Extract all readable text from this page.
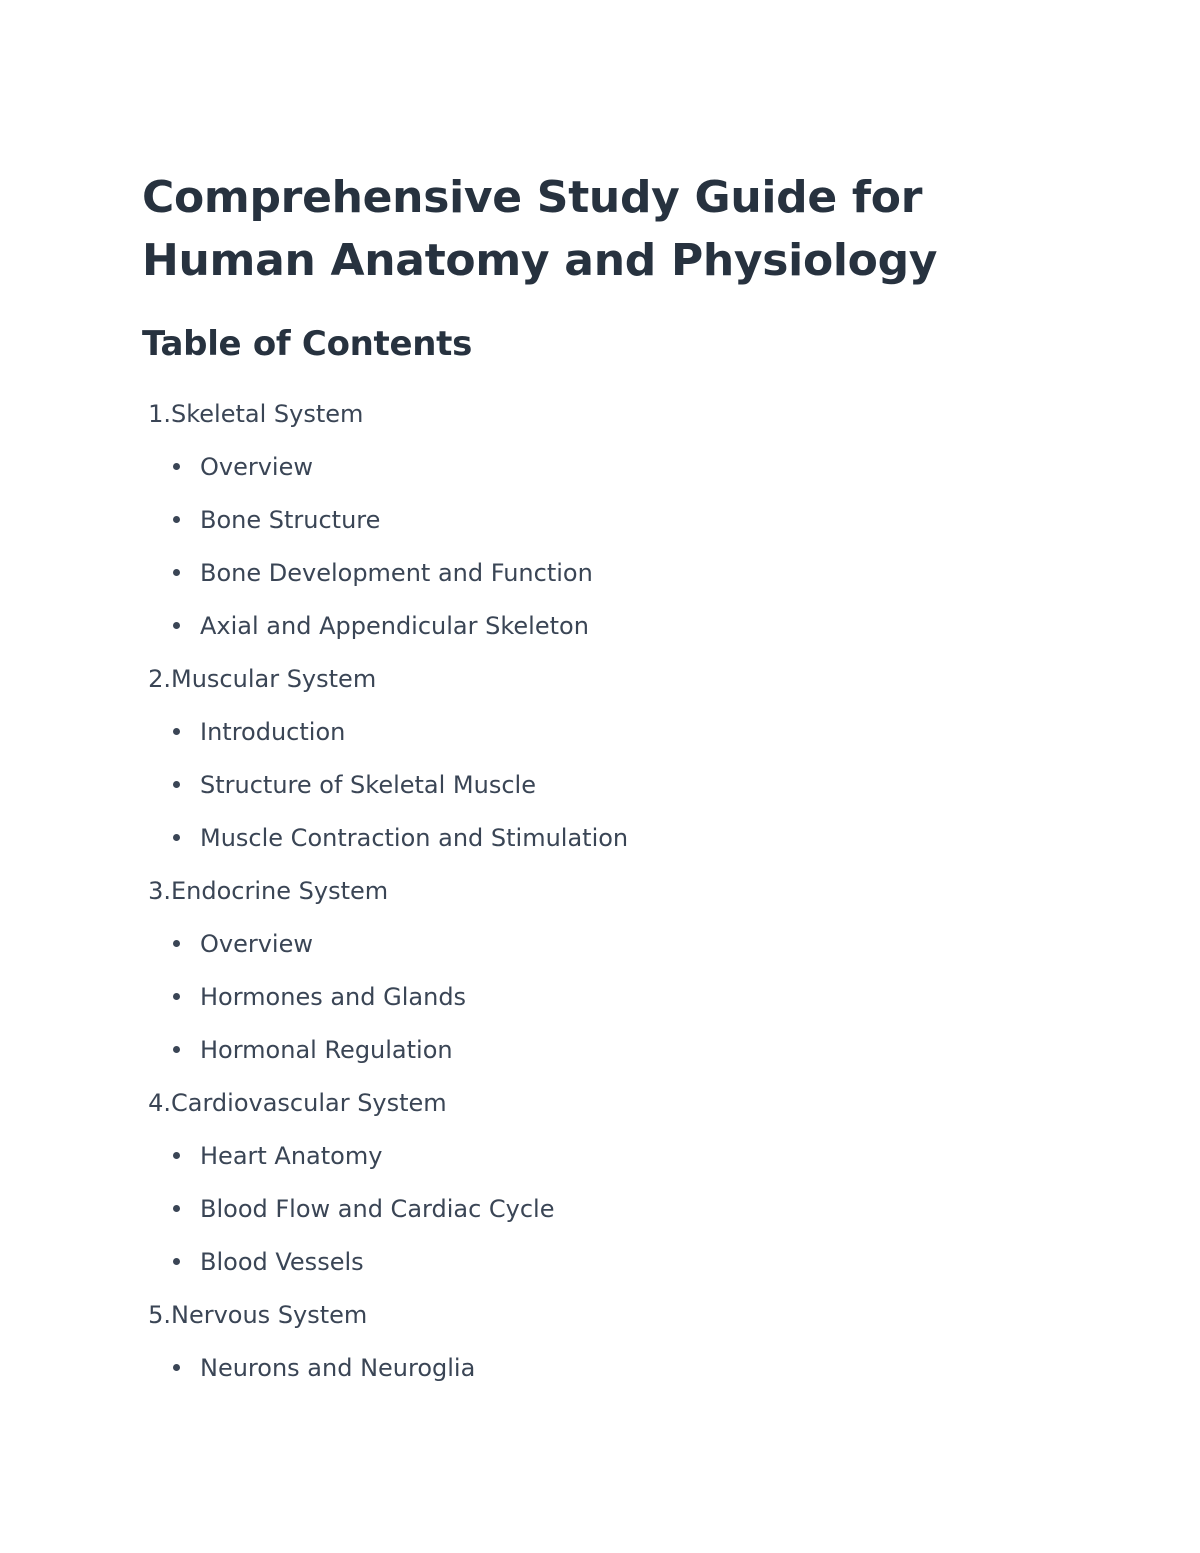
Comprehensive Study Guide for Human Anatomy and Physiology
Table of Contents
1. Skeletal System
Overview
Bone Structure
Bone Development and Function
Axial and Appendicular Skeleton
2. Muscular System
Introduction
Structure of Skeletal Muscle
Muscle Contraction and Stimulation
3. Endocrine System
Overview
Hormones and Glands
Hormonal Regulation
4. Cardiovascular System
Heart Anatomy
Blood Flow and Cardiac Cycle
Blood Vessels
5. Nervous System
Neurons and Neuroglia
